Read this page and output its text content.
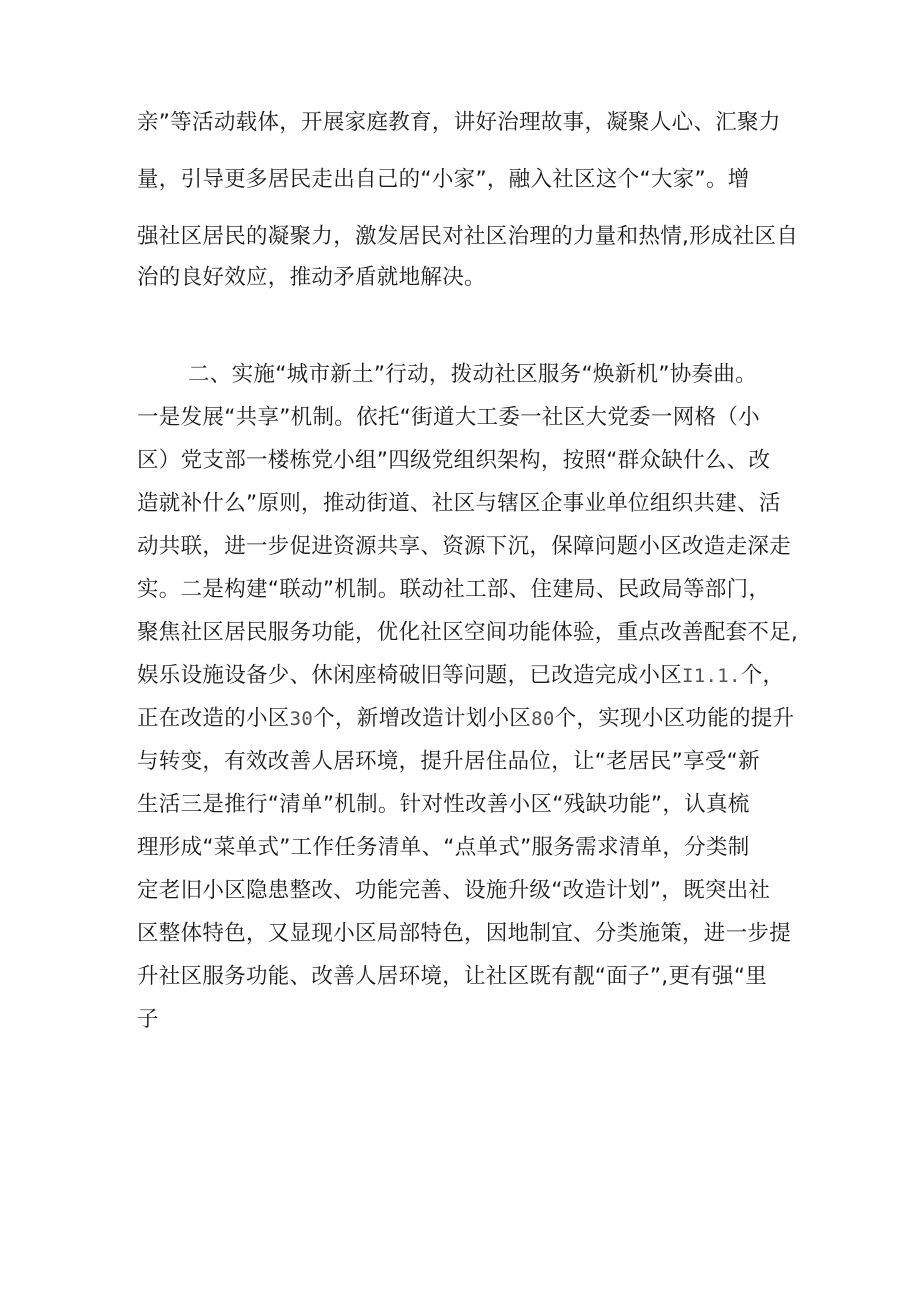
亲”等活动载体，开展家庭教育，讲好治理故事，凝聚人心、汇聚力
量，引导更多居民走出自己的“小家”，融入社区这个“大家”。增
强社区居民的凝聚力，激发居民对社区治理的力量和热情,形成社区自
治的良好效应，推动矛盾就地解决。
二、实施“城市新土”行动，拨动社区服务“焕新机”协奏曲。
一是发展“共享”机制。依托“街道大工委一社区大党委一网格（小
区）党支部一楼栋党小组”四级党组织架构，按照“群众缺什么、改
造就补什么”原则，推动街道、社区与辖区企事业单位组织共建、活
动共联，进一步促进资源共享、资源下沉，保障问题小区改造走深走
实。二是构建“联动”机制。联动社工部、住建局、民政局等部门，
聚焦社区居民服务功能，优化社区空间功能体验，重点改善配套不足,
娱乐设施设备少、休闲座椅破旧等问题，已改造完成小区I1.1.个，
正在改造的小区30个，新增改造计划小区80个，实现小区功能的提升
与转变，有效改善人居环境，提升居住品位，让“老居民”享受“新
生活三是推行“清单”机制。针对性改善小区“残缺功能”，认真梳
理形成“菜单式”工作任务清单、“点单式”服务需求清单，分类制
定老旧小区隐患整改、功能完善、设施升级“改造计划”，既突出社
区整体特色，又显现小区局部特色，因地制宜、分类施策，进一步提
升社区服务功能、改善人居环境，让社区既有靓“面子”,更有强“里
子
